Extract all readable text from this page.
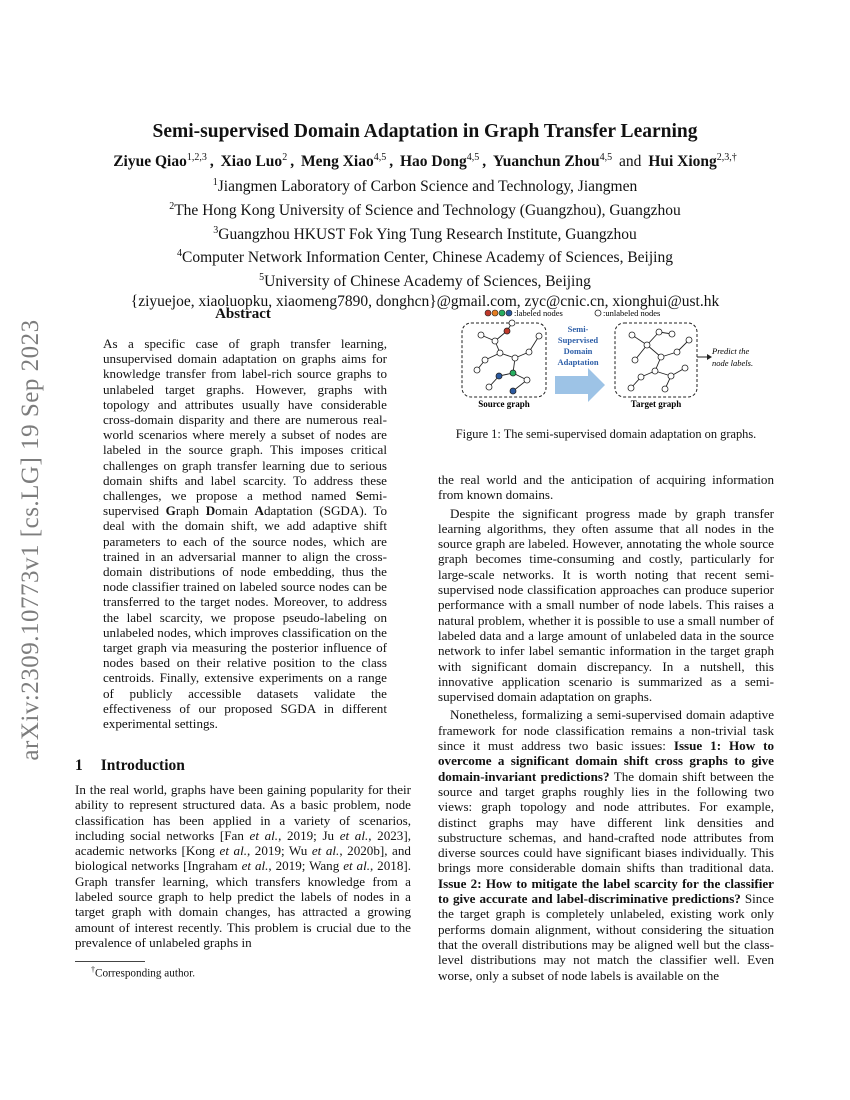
arXiv:2309.10773v1 [cs.LG] 19 Sep 2023
Semi-supervised Domain Adaptation in Graph Transfer Learning
Ziyue Qiao$^{1,2,3}$ , Xiao Luo$^2$ , Meng Xiao$^{4,5}$ , Hao Dong$^{4,5}$ , Yuanchun Zhou$^{4,5}$ and Hui Xiong$^{2,3,\dagger}$
$^1$Jiangmen Laboratory of Carbon Science and Technology, Jiangmen
$^2$The Hong Kong University of Science and Technology (Guangzhou), Guangzhou
$^3$Guangzhou HKUST Fok Ying Tung Research Institute, Guangzhou
$^4$Computer Network Information Center, Chinese Academy of Sciences, Beijing
$^5$University of Chinese Academy of Sciences, Beijing
{ziyuejoe, xiaoluopku, xiaomeng7890, donghcn}@gmail.com, zyc@cnic.cn, xionghui@ust.hk
Abstract
As a specific case of graph transfer learning, unsupervised domain adaptation on graphs aims for knowledge transfer from label-rich source graphs to unlabeled target graphs. However, graphs with topology and attributes usually have considerable cross-domain disparity and there are numerous real-world scenarios where merely a subset of nodes are labeled in the source graph. This imposes critical challenges on graph transfer learning due to serious domain shifts and label scarcity. To address these challenges, we propose a method named Semi-supervised Graph Domain Adaptation (SGDA). To deal with the domain shift, we add adaptive shift parameters to each of the source nodes, which are trained in an adversarial manner to align the cross-domain distributions of node embedding, thus the node classifier trained on labeled source nodes can be transferred to the target nodes. Moreover, to address the label scarcity, we propose pseudo-labeling on unlabeled nodes, which improves classification on the target graph via measuring the posterior influence of nodes based on their relative position to the class centroids. Finally, extensive experiments on a range of publicly accessible datasets validate the effectiveness of our proposed SGDA in different experimental settings.
1 Introduction

In the real world, graphs have been gaining popularity for their ability to represent structured data. As a basic problem, node classification has been applied in a variety of scenarios, including social networks [Fan et al., 2019; Ju et al., 2023], academic networks [Kong et al., 2019; Wu et al., 2020b], and biological networks [Ingraham et al., 2019; Wang et al., 2018]. Graph transfer learning, which transfers knowledge from a labeled source graph to help predict the labels of nodes in a target graph with domain changes, has attracted a growing amount of interest recently. This problem is crucial due to the prevalence of unlabeled graphs in

†Corresponding author.
:labeled nodes	:unlabeled nodes
Source graph
Semi-
Supervised
Domain
Adaptation
Target graph
Predict the
node labels.
Figure 1: The semi-supervised domain adaptation on graphs.

the real world and the anticipation of acquiring information from known domains.

Despite the significant progress made by graph transfer learning algorithms, they often assume that all nodes in the source graph are labeled. However, annotating the whole source graph becomes time-consuming and costly, particularly for large-scale networks. It is worth noting that recent semi-supervised node classification approaches can produce superior performance with a small number of node labels. This raises a natural problem, whether it is possible to use a small number of labeled data and a large amount of unlabeled data in the source network to infer label semantic information in the target graph with significant domain discrepancy. In a nutshell, this innovative application scenario is summarized as a semi-supervised domain adaptation on graphs.

Nonetheless, formalizing a semi-supervised domain adaptive framework for node classification remains a non-trivial task since it must address two basic issues: Issue 1: How to overcome a significant domain shift cross graphs to give domain-invariant predictions? The domain shift between the source and target graphs roughly lies in the following two views: graph topology and node attributes. For example, distinct graphs may have different link densities and substructure schemas, and hand-crafted node attributes from diverse sources could have significant biases individually. This brings more considerable domain shifts than traditional data. Issue 2: How to mitigate the label scarcity for the classifier to give accurate and label-discriminative predictions? Since the target graph is completely unlabeled, existing work only performs domain alignment, without considering the situation that the overall distributions may be aligned well but the class-level distributions may not match the classifier well. Even worse, only a subset of node labels is available on the
